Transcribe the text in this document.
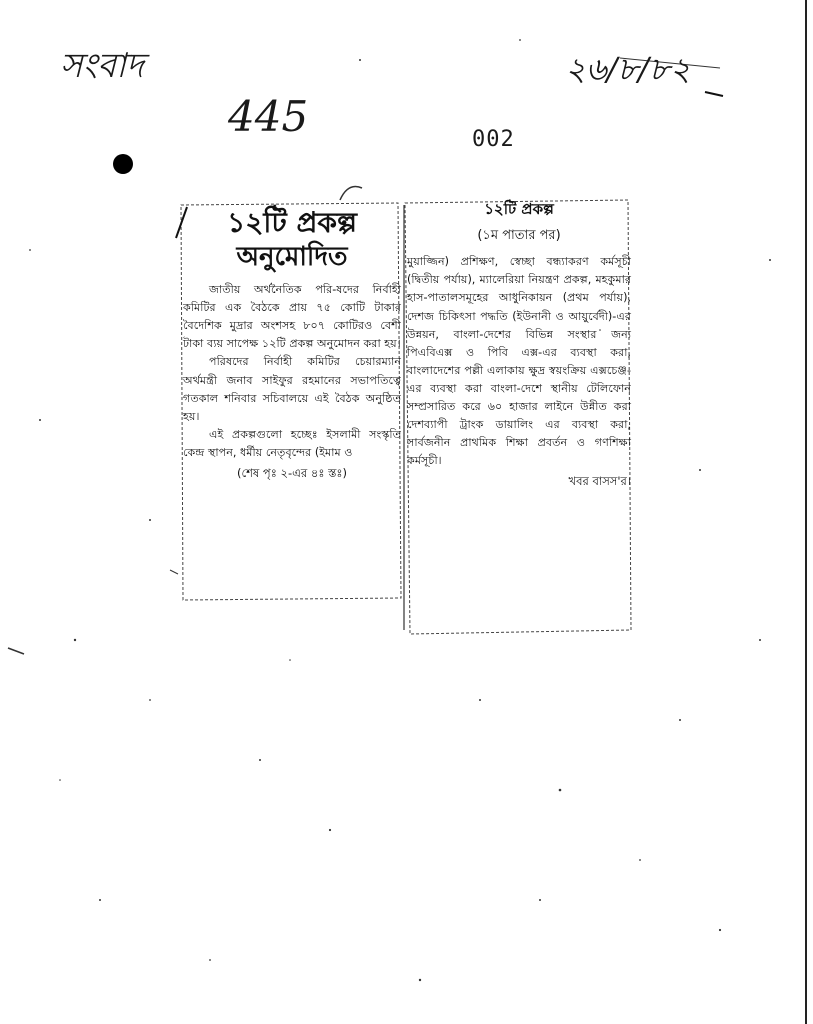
সংবাদ	২৬/৮/৮২
445	002
১২টি প্রকল্প
অনুমোদিত

জাতীয় অর্থনৈতিক পরি-ষদের নির্বাহী কমিটির এক বৈঠকে প্রায় ৭৫ কোটি টাকার বৈদেশিক মুদ্রার অংশসহ ৮০৭ কোটিরও বেশী টাকা ব্যয় সাপেক্ষ ১২টি প্রকল্প অনুমোদন করা হয়।

পরিষদের নির্বাহী কমিটির চেয়ারম্যান অর্থমন্ত্রী জনাব সাইফুর রহমানের সভাপতিত্বে গতকাল শনিবার সচিবালয়ে এই বৈঠক অনুষ্ঠিত হয়।

এই প্রকল্পগুলো হচ্ছেঃ ইসলামী সংস্কৃতি কেন্দ্র স্থাপন, ধর্মীয় নেতৃবৃন্দের (ইমাম ও

(শেষ পৃঃ ২-এর ৪ঃ স্তঃ)
১২টি প্রকল্প
(১ম পাতার পর)

মুয়াজ্জিন) প্রশিক্ষণ, স্বেচ্ছা বন্ধ্যাকরণ কর্মসূচী (দ্বিতীয় পর্যায়), ম্যালেরিয়া নিয়ন্ত্রণ প্রকল্প, মহকুমার হাস-পাতালসমূহের আধুনিকায়ন (প্রথম পর্যায়), দেশজ চিকিৎসা পদ্ধতি (ইউনানী ও আয়ুর্বেদী)-এর উন্নয়ন, বাংলা-দেশের বিভিন্ন সংস্থার জন্য পিএবিএক্স ও পিবি এক্স-এর ব্যবস্থা করা, বাংলাদেশের পল্লী এলাকায় ক্ষুদ্র স্বয়ংক্রিয় এক্সচেঞ্জ-এর ব্যবস্থা করা বাংলা-দেশে স্থানীয় টেলিফোন সম্প্রসারিত করে ৬০ হাজার লাইনে উন্নীত করা দেশব্যাপী ট্রাংক ডায়ালিং এর ব্যবস্থা করা, সার্বজনীন প্রাথমিক শিক্ষা প্রবর্তন ও গণশিক্ষা কর্মসূচী।

খবর বাসস'র।
